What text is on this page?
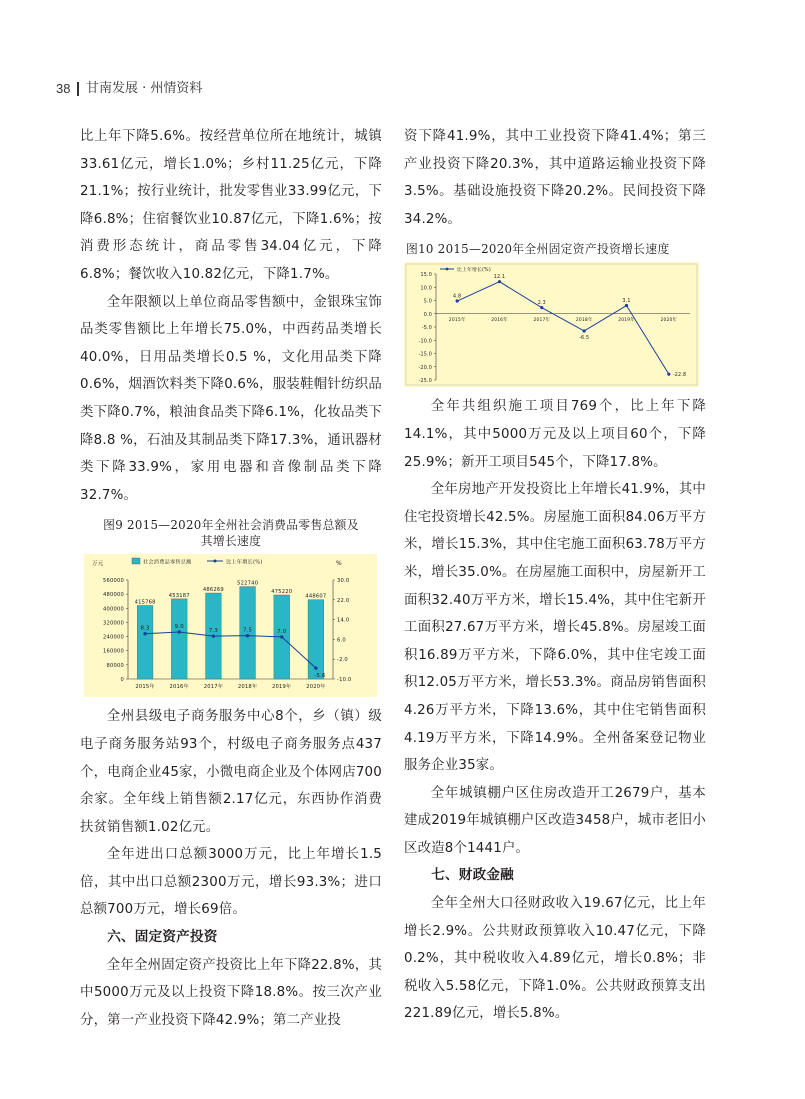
38 甘南发展 · 州情资料

比上年下降5.6%。按经营单位所在地统计，城镇33.61亿元，增长1.0%；乡村11.25亿元，下降21.1%；按行业统计，批发零售业33.99亿元，下降6.8%；住宿餐饮业10.87亿元，下降1.6%；按消费形态统计，商品零售34.04亿元，下降6.8%；餐饮收入10.82亿元，下降1.7%。

全年限额以上单位商品零售额中，金银珠宝饰品类零售额比上年增长75.0%，中西药品类增长40.0%，日用品类增长0.5 %，文化用品类下降0.6%，烟酒饮料类下降0.6%，服装鞋帽针纺织品类下降0.7%，粮油食品类下降6.1%，化妆品类下降8.8 %，石油及其制品类下降17.3%，通讯器材类下降33.9%，家用电器和音像制品类下降32.7%。

图9 2015—2020年全州社会消费品零售总额及
其增长速度
万元	%
社会消费品零售总额	比上年增长(%)
560000
480000
400000
320000
240000
160000
80000
0
30.0
22.0
14.0
6.0
-2.0
-10.0
415768
2015年
453187
2016年
486269
2017年
522740
2018年
475220
2019年
448607
2020年
8.3	9.0
7.3	7.5	7.0
-5.6

全州县级电子商务服务中心8个，乡（镇）级电子商务服务站93个，村级电子商务服务点437个，电商企业45家，小微电商企业及个体网店700余家。全年线上销售额2.17亿元，东西协作消费扶贫销售额1.02亿元。

全年进出口总额3000万元，比上年增长1.5倍，其中出口总额2300万元，增长93.3%；进口总额700万元，增长69倍。

六、固定资产投资

全年全州固定资产投资比上年下降22.8%，其中5000万元及以上投资下降18.8%。按三次产业分，第一产业投资下降42.9%；第二产业投

资下降41.9%，其中工业投资下降41.4%；第三产业投资下降20.3%，其中道路运输业投资下降3.5%。基础设施投资下降20.2%。民间投资下降34.2%。

图10 2015—2020年全州固定资产投资增长速度
比上年增长(%)
15.0
10.0
5.0
0.0
-5.0
-10.0
-15.0
-20.0
-25.0
2015年	2016年	2017年	2018年	2019年	2020年
4.8
12.1
2.3
-6.5
3.1
-22.8

全年共组织施工项目769个，比上年下降14.1%，其中5000万元及以上项目60个，下降25.9%；新开工项目545个，下降17.8%。

全年房地产开发投资比上年增长41.9%，其中住宅投资增长42.5%。房屋施工面积84.06万平方米，增长15.3%，其中住宅施工面积63.78万平方米，增长35.0%。在房屋施工面积中，房屋新开工面积32.40万平方米，增长15.4%，其中住宅新开工面积27.67万平方米，增长45.8%。房屋竣工面积16.89万平方米，下降6.0%，其中住宅竣工面积12.05万平方米，增长53.3%。商品房销售面积4.26万平方米，下降13.6%，其中住宅销售面积4.19万平方米，下降14.9%。全州备案登记物业服务企业35家。

全年城镇棚户区住房改造开工2679户，基本建成2019年城镇棚户区改造3458户，城市老旧小区改造8个1441户。

七、财政金融

全年全州大口径财政收入19.67亿元，比上年增长2.9%。公共财政预算收入10.47亿元，下降0.2%，其中税收收入4.89亿元，增长0.8%；非税收入5.58亿元，下降1.0%。公共财政预算支出221.89亿元，增长5.8%。
